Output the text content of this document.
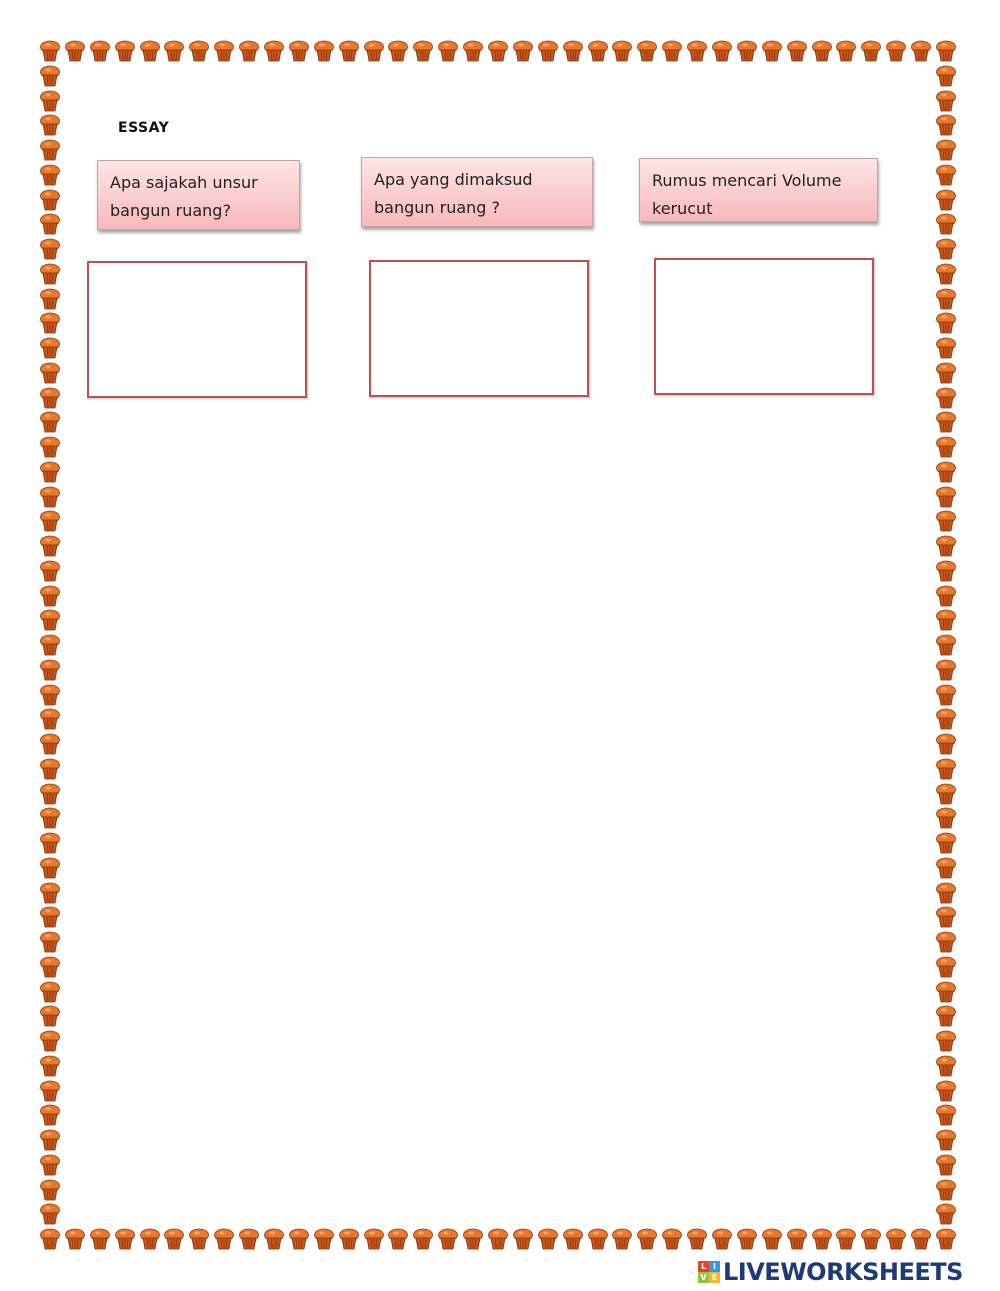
ESSAY
Apa sajakah unsur
bangun ruang?
Apa yang dimaksud
bangun ruang ?
Rumus mencari Volume
kerucut
L I
V E LIVEWORKSHEETS
